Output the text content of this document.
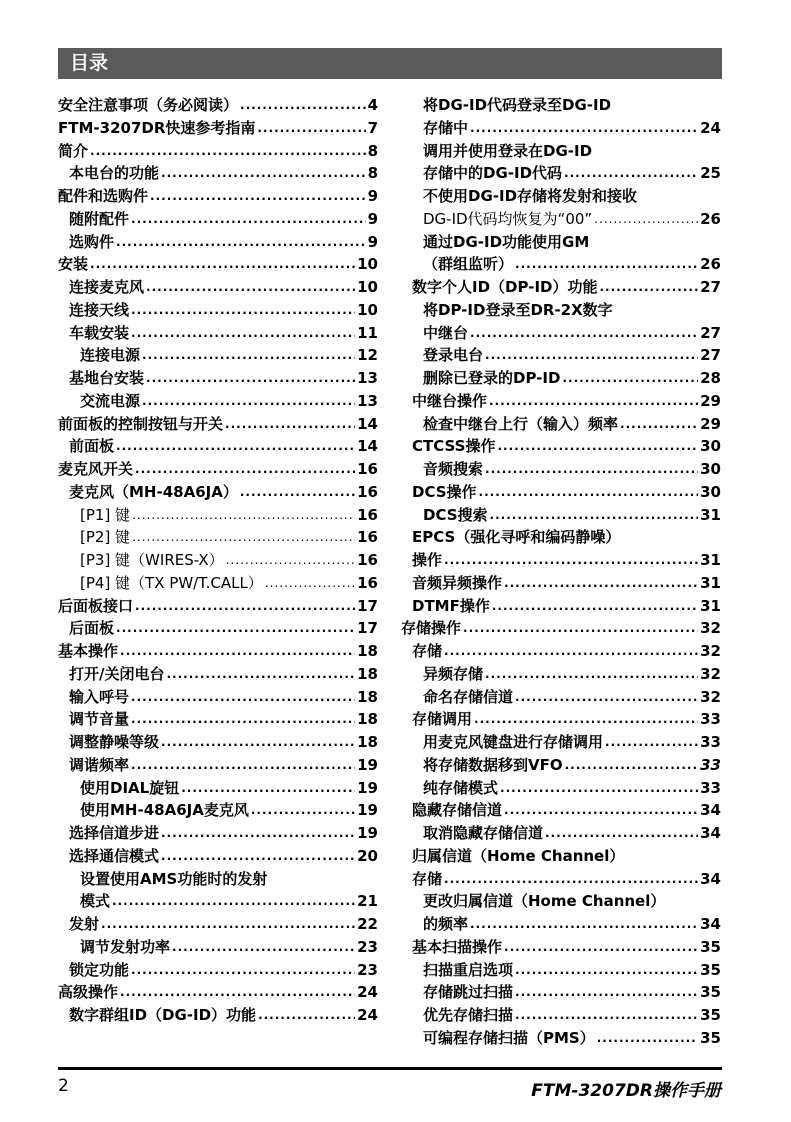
目录
安全注意事项（务必阅读） .....	4
FTM-3207DR快速参考指南 .....	7
简介 .....	8
本电台的功能 .....	8
配件和选购件 .....	9
随附配件 .....	9
选购件 .....	9
安装 .....	10
连接麦克风 .....	10
连接天线 .....	10
车载安装 .....	11
连接电源 .....	12
基地台安装 .....	13
交流电源 .....	13
前面板的控制按钮与开关 .....	14
前面板 .....	14
麦克风开关 .....	16
麦克风（MH-48A6JA） .....	16
[P1] 键 .....	16
[P2] 键 .....	16
[P3] 键（WIRES-X） .....	16
[P4] 键（TX PW/T.CALL） .....	16
后面板接口 .....	17
后面板 .....	17
基本操作 .....	18
打开/关闭电台 .....	18
输入呼号 .....	18
调节音量 .....	18
调整静噪等级 .....	18
调谐频率 .....	19
使用DIAL旋钮 .....	19
使用MH-48A6JA麦克风 .....	19
选择信道步进 .....	19
选择通信模式 .....	20
设置使用AMS功能时的发射
模式 .....	21
发射 .....	22
调节发射功率 .....	23
锁定功能 .....	23
高级操作 .....	24
数字群组ID（DG-ID）功能 .....	24
将DG-ID代码登录至DG-ID
存储中 .....	24
调用并使用登录在DG-ID
存储中的DG-ID代码 .....	25
不使用DG-ID存储将发射和接收
DG-ID代码均恢复为“00” .....	26
通过DG-ID功能使用GM
（群组监听） .....	26
数字个人ID（DP-ID）功能 .....	27
将DP-ID登录至DR-2X数字
中继台 .....	27
登录电台 .....	27
删除已登录的DP-ID .....	28
中继台操作 .....	29
检查中继台上行（输入）频率 .....	29
CTCSS操作 .....	30
音频搜索 .....	30
DCS操作 .....	30
DCS搜索 .....	31
EPCS（强化寻呼和编码静噪）
操作 .....	31
音频异频操作 .....	31
DTMF操作 .....	31
存储操作 .....	32
存储 .....	32
异频存储 .....	32
命名存储信道 .....	32
存储调用 .....	33
用麦克风键盘进行存储调用 .....	33
将存储数据移到VFO .....	33
纯存储模式 .....	33
隐藏存储信道 .....	34
取消隐藏存储信道 .....	34
归属信道（Home Channel）
存储 .....	34
更改归属信道（Home Channel）
的频率 .....	34
基本扫描操作 .....	35
扫描重启选项 .....	35
存储跳过扫描 .....	35
优先存储扫描 .....	35
可编程存储扫描（PMS） .....	35
2	FTM-3207DR操作手册
